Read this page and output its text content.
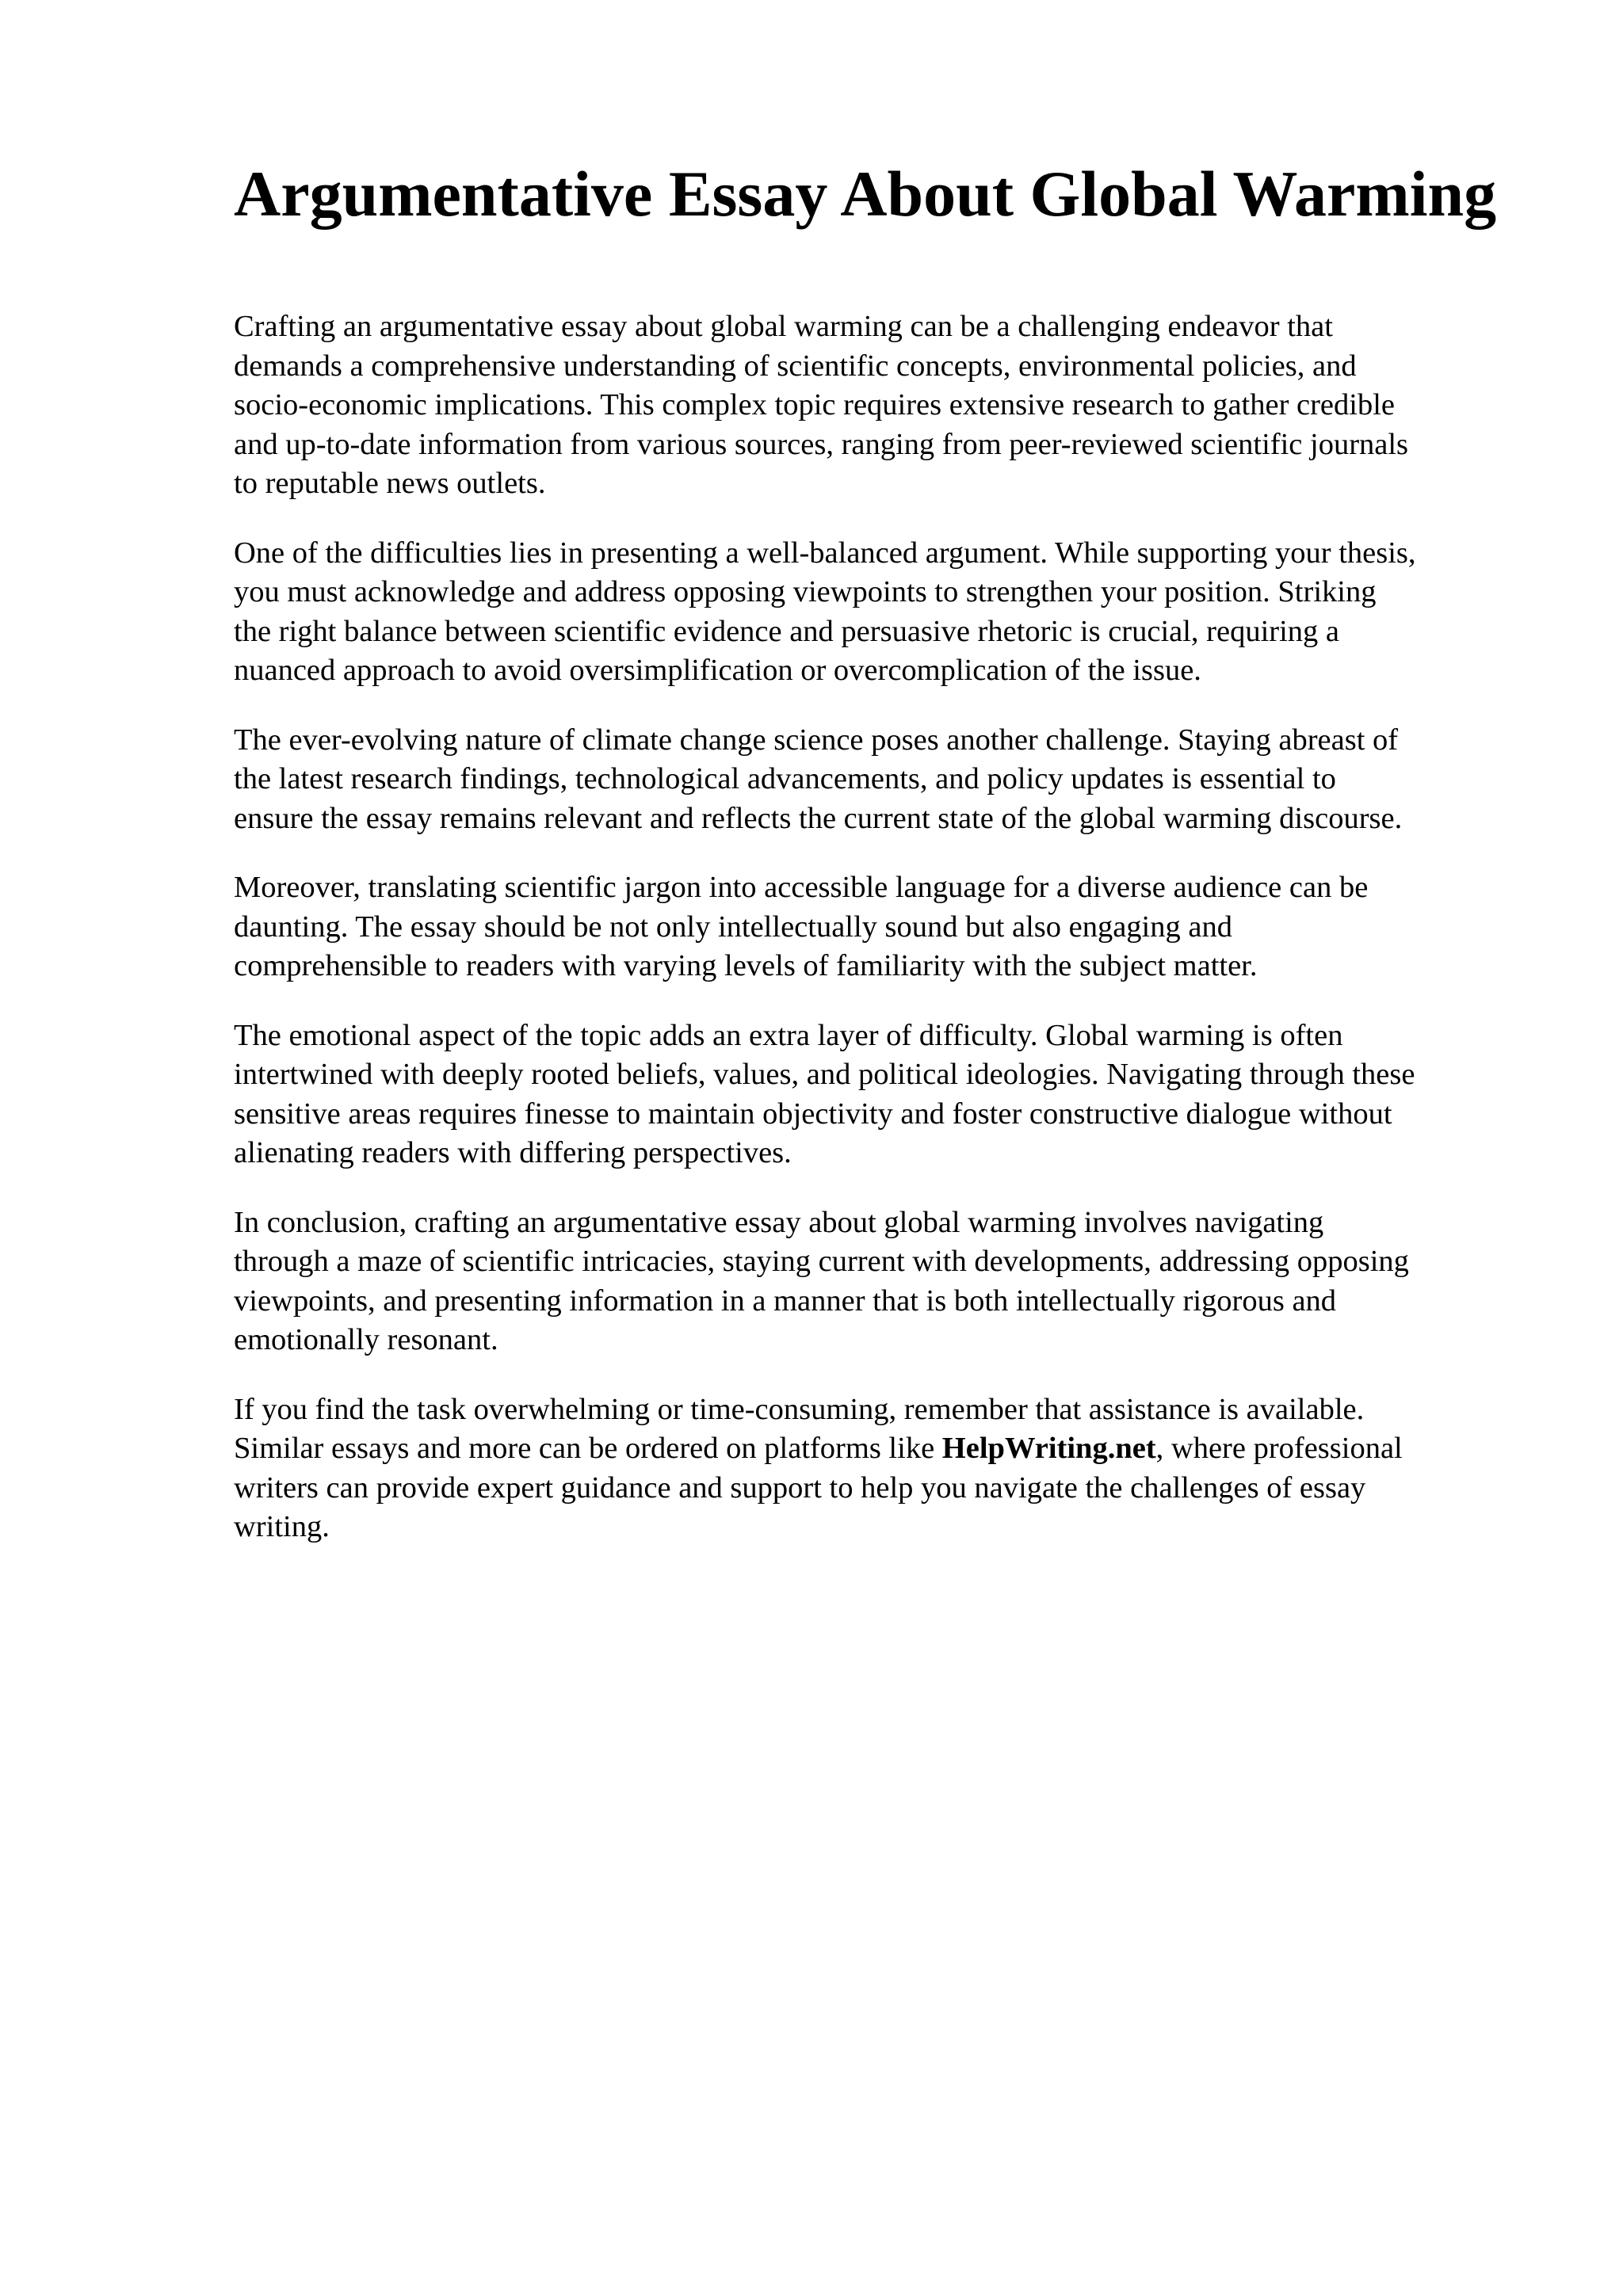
Argumentative Essay About Global Warming

Crafting an argumentative essay about global warming can be a challenging endeavor that
demands a comprehensive understanding of scientific concepts, environmental policies, and
socio-economic implications. This complex topic requires extensive research to gather credible
and up-to-date information from various sources, ranging from peer-reviewed scientific journals
to reputable news outlets.

One of the difficulties lies in presenting a well-balanced argument. While supporting your thesis,
you must acknowledge and address opposing viewpoints to strengthen your position. Striking
the right balance between scientific evidence and persuasive rhetoric is crucial, requiring a
nuanced approach to avoid oversimplification or overcomplication of the issue.

The ever-evolving nature of climate change science poses another challenge. Staying abreast of
the latest research findings, technological advancements, and policy updates is essential to
ensure the essay remains relevant and reflects the current state of the global warming discourse.

Moreover, translating scientific jargon into accessible language for a diverse audience can be
daunting. The essay should be not only intellectually sound but also engaging and
comprehensible to readers with varying levels of familiarity with the subject matter.

The emotional aspect of the topic adds an extra layer of difficulty. Global warming is often
intertwined with deeply rooted beliefs, values, and political ideologies. Navigating through these
sensitive areas requires finesse to maintain objectivity and foster constructive dialogue without
alienating readers with differing perspectives.

In conclusion, crafting an argumentative essay about global warming involves navigating
through a maze of scientific intricacies, staying current with developments, addressing opposing
viewpoints, and presenting information in a manner that is both intellectually rigorous and
emotionally resonant.

If you find the task overwhelming or time-consuming, remember that assistance is available.
Similar essays and more can be ordered on platforms like HelpWriting.net, where professional
writers can provide expert guidance and support to help you navigate the challenges of essay
writing.
